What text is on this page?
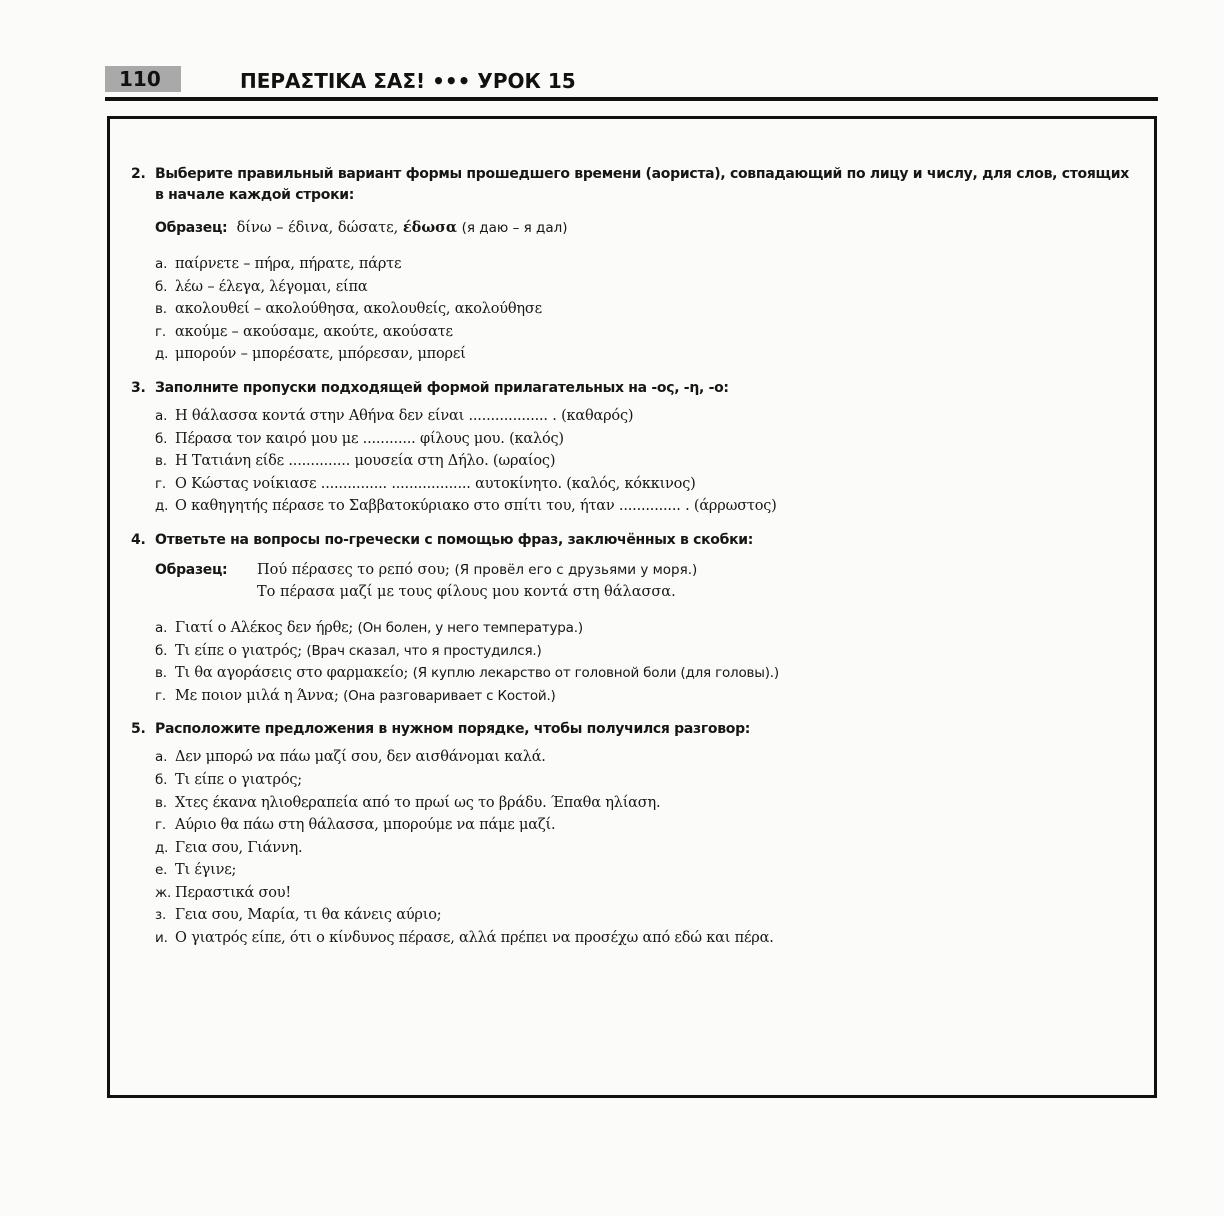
110	ΠΕΡΑΣΤΙΚΑ ΣΑΣ! ••• УРОК 15
2. Выберите правильный вариант формы прошедшего времени (аориста), совпадающий по лицу и числу, для слов, стоящих в начале каждой строки:
Образец:
δίνω – έδινα, δώσατε,
έδωσα
(я даю – я дал)
а. παίρνετε – πήρα, πήρατε, πάρτε
б. λέω – έλεγα, λέγομαι, είπα
в. ακολουθεί – ακολούθησα, ακολουθείς, ακολούθησε
г. ακούμε – ακούσαμε, ακούτε, ακούσατε
д. μπορούν – μπορέσατε, μπόρεσαν, μπορεί
3. Заполните пропуски подходящей формой прилагательных на -ος, -η, -ο:
а. Η θάλασσα κοντά στην Αθήνα δεν είναι .................. . (καθαρός)
б. Πέρασα τον καιρό μου με ............ φίλους μου. (καλός)
в. Η Τατιάνη είδε .............. μουσεία στη Δήλο. (ωραίος)
г. Ο Κώστας νοίκιασε ............... .................. αυτοκίνητο. (καλός, κόκκινος)
д. Ο καθηγητής πέρασε το Σαββατοκύριακο στο σπίτι του, ήταν .............. . (άρρωστος)
4. Ответьте на вопросы по-гречески с помощью фраз, заключённых в скобки:
Образец:	Πού πέρασες το ρεπό σου; (Я провёл его с друзьями у моря.)
Το πέρασα μαζί με τους φίλους μου κοντά στη θάλασσα.
а. Γιατί ο Αλέκος δεν ήρθε; (Он болен, у него температура.)
б. Τι είπε ο γιατρός; (Врач сказал, что я простудился.)
в. Τι θα αγοράσεις στο φαρμακείο; (Я куплю лекарство от головной боли (для головы).)
г. Με ποιον μιλά η Άννα; (Она разговаривает с Костой.)
5. Расположите предложения в нужном порядке, чтобы получился разговор:
а. Δεν μπορώ να πάω μαζί σου, δεν αισθάνομαι καλά.
б. Τι είπε ο γιατρός;
в. Χτες έκανα ηλιοθεραπεία από το πρωί ως το βράδυ. Έπαθα ηλίαση.
г. Αύριο θα πάω στη θάλασσα, μπορούμε να πάμε μαζί.
д. Γεια σου, Γιάννη.
е. Τι έγινε;
ж. Περαστικά σου!
з. Γεια σου, Μαρία, τι θα κάνεις αύριο;
и. Ο γιατρός είπε, ότι ο κίνδυνος πέρασε, αλλά πρέπει να προσέχω από εδώ και πέρα.
